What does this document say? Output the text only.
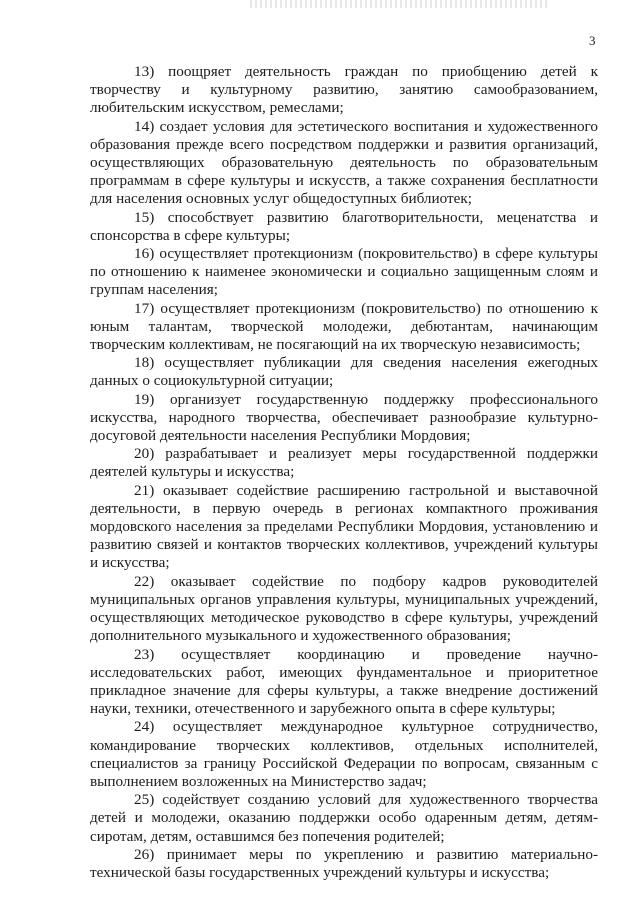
3

13) поощряет деятельность граждан по приобщению детей к творчеству и культурному развитию, занятию самообразованием, любительским искусством, ремеслами;

14) создает условия для эстетического воспитания и художественного образования прежде всего посредством поддержки и развития организаций, осуществляющих образовательную деятельность по образовательным программам в сфере культуры и искусств, а также сохранения бесплатности для населения основных услуг общедоступных библиотек;

15) способствует развитию благотворительности, меценатства и спонсорства в сфере культуры;

16) осуществляет протекционизм (покровительство) в сфере культуры по отношению к наименее экономически и социально защищенным слоям и группам населения;

17) осуществляет протекционизм (покровительство) по отношению к юным талантам, творческой молодежи, дебютантам, начинающим творческим коллективам, не посягающий на их творческую независимость;

18) осуществляет публикации для сведения населения ежегодных данных о социокультурной ситуации;

19) организует государственную поддержку профессионального искусства, народного творчества, обеспечивает разнообразие культурно-досуговой деятельности населения Республики Мордовия;

20) разрабатывает и реализует меры государственной поддержки деятелей культуры и искусства;

21) оказывает содействие расширению гастрольной и выставочной деятельности, в первую очередь в регионах компактного проживания мордовского населения за пределами Республики Мордовия, установлению и развитию связей и контактов творческих коллективов, учреждений культуры и искусства;

22) оказывает содействие по подбору кадров руководителей муниципальных органов управления культуры, муниципальных учреждений, осуществляющих методическое руководство в сфере культуры, учреждений дополнительного музыкального и художественного образования;

23) осуществляет координацию и проведение научно-исследовательских работ, имеющих фундаментальное и приоритетное прикладное значение для сферы культуры, а также внедрение достижений науки, техники, отечественного и зарубежного опыта в сфере культуры;

24) осуществляет международное культурное сотрудничество, командирование творческих коллективов, отдельных исполнителей, специалистов за границу Российской Федерации по вопросам, связанным с выполнением возложенных на Министерство задач;

25) содействует созданию условий для художественного творчества детей и молодежи, оказанию поддержки особо одаренным детям, детям-сиротам, детям, оставшимся без попечения родителей;

26) принимает меры по укреплению и развитию материально-технической базы государственных учреждений культуры и искусства;
